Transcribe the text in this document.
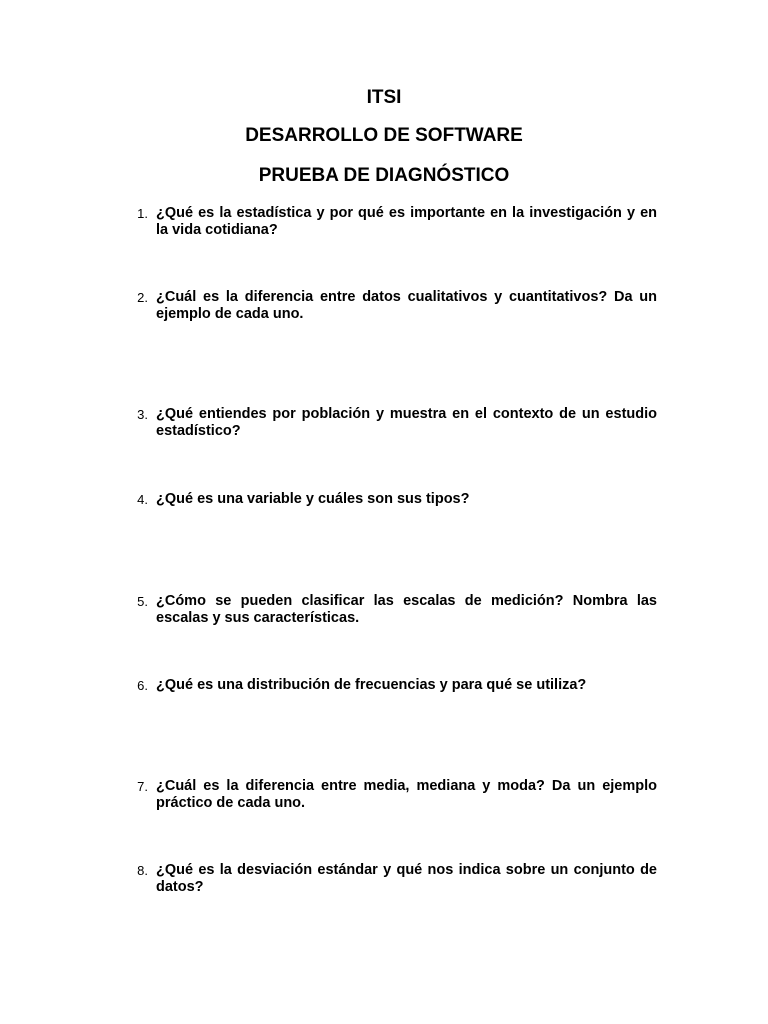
ITSI
DESARROLLO DE SOFTWARE
PRUEBA DE DIAGNÓSTICO
1. ¿Qué es la estadística y por qué es importante en la investigación y en la vida cotidiana?

2. ¿Cuál es la diferencia entre datos cualitativos y cuantitativos? Da un ejemplo de cada uno.

3. ¿Qué entiendes por población y muestra en el contexto de un estudio estadístico?

4. ¿Qué es una variable y cuáles son sus tipos?

5. ¿Cómo se pueden clasificar las escalas de medición? Nombra las escalas y sus características.

6. ¿Qué es una distribución de frecuencias y para qué se utiliza?

7. ¿Cuál es la diferencia entre media, mediana y moda? Da un ejemplo práctico de cada uno.

8. ¿Qué es la desviación estándar y qué nos indica sobre un conjunto de datos?
